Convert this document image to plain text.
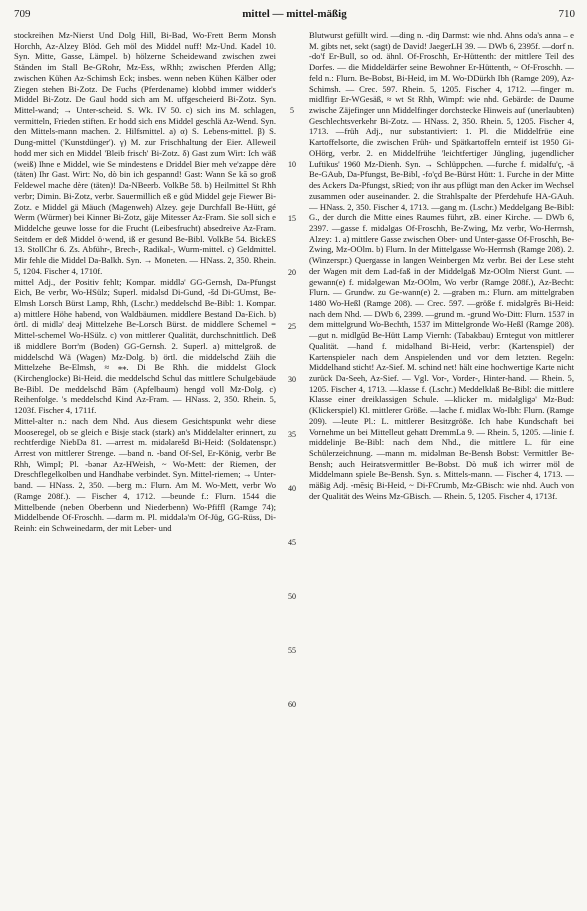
709	mittel — mittel-mäßig	710

stockreihen Mz-Nierst Und Dolg Hill, Bi-Bad, Wo-Frett Berm Monsh Horchh, Az-Alzey Blöd. Geh möl des Middel nuff! Mz-Und. Kadel 10. Syn. Mitte, Gasse, Lämpel. b) hölzerne Scheidewand zwischen zwei Ständen im Stall Be-GRohr, Mz-Ess, wRhh; zwischen Pferden Allg; zwischen Kühen Az-Schimsh Eck; insbes. wenn neben Kühen Kälber oder Ziegen stehen Bi-Zotz. De Fuchs (Pferdename) klobbd immer widder's Middel Bi-Zotz. De Gaul hodd sich am M. uffgescheierd Bi-Zotz. Syn. Mittel-wand; → Unter-scheid. S. Wk. IV 50. c) sich ins M. schlagen, vermitteln, Frieden stiften. Er hodd sich ens Middel geschlä Az-Wend. Syn. den Mittels-mann machen. 2. Hilfsmittel. a) α) S. Lebens-mittel. β) S. Dung-mittel ('Kunstdünger'). γ) M. zur Frischhaltung der Eier. Alleweil hodd mer sich en Middel 'Bleib frisch' Bi-Zotz. δ) Gast zum Wirt: Ich wäß (weiß) Ihne e Middel, wie Se mindestens e Driddel Bier meh ve'zappe dère (täten) Ihr Gast. Wirt: No, dò bin ich gespannd! Gast: Wann Se kā so groß Feldewel mache dère (täten)! Da-NBeerb. VolkBe 58. b) Heilmittel St Rhh verbr; Dimin. Bi-Zotz, verbr. Sauermillich eß e güd Middel geje Fiewer Bi-Zotz. e Middel gä Mäuch (Magenweh) Alzey. geje Durchfall Be-Hütt, gé Werm (Würmer) bei Kinner Bi-Zotz, gäje Mitesser Az-Fram. Sie soll sich e Middelche geuwe losse for die Frucht (Leibesfrucht) absedreive Az-Fram. Seitdem er deß Middel ö·wend, iß er gesund Be-Bibl. VolkBe 54. BickES 13. StollChr 6. Zs. Abführ-, Brech-, Radikal-, Wurm-mittel. c) Geldmittel. Mir fehle die Middel Da-Balkh. Syn. → Moneten. — HNass. 2, 350. Rhein. 5, 1204. Fischer 4, 1710f.

mittel Adj., der Positiv fehlt; Kompar. middlə' GG-Gernsh, Da-Pfungst Eich, Be verbr, Wo-HSülz; Superl. midəlsd Di-Gund, -šd Di-GUmst, Be-Elmsh Lorsch Bürst Lamp, Rhh, (Lschr.) meddelschd Be-Bibl: 1. Kompar. a) mittlere Höhe habend, von Waldbäumen. middlere Bestand Da-Eich. b) örtl. di midlə' deəj Mittelzehe Be-Lorsch Bürst. de middlere Schemel = Mittel-schemel Wo-HSülz. c) von mittlerer Qualität, durchschnittlich. Deß iß middlere Borr'm (Boden) GG-Gernsh. 2. Superl. a) mittelgroß. de middelschd Wä (Wagen) Mz-Dolg. b) örtl. die middelschd Zäih die Mittelzehe Be-Elmsh, ≈ ⁎⁎. Di Be Rhh. die middelst Glock (Kirchenglocke) Bi-Heid. die meddelschd Schul das mittlere Schulgebäude Be-Bibl. De meddelschd Bām (Apfelbaum) hengd voll Mz-Dolg. c) Reihenfolge. 's meddelschd Kind Az-Fram. — HNass. 2, 350. Rhein. 5, 1203f. Fischer 4, 1711f.

Mittel-alter n.: nach dem Nhd. Aus diesem Gesichtspunkt wehr diese Mooseregel, ob se gleich e Bisje stack (stark) an's Middelalter erinnert, zu rechtferdige NiebDa 81. —arrest m. midəlarešd Bi-Heid: (Soldatenspr.) Arrest von mittlerer Strenge. —band n. -band Of-Sel, Er-König, verbr Be Rhh, WimpI; Pl. -bənər Az-HWeish, ~ Wo-Mett: der Riemen, der Dreschflegelkolben und Handhabe verbindet. Syn. Mittel-riemen; → Unter-band. — HNass. 2, 350. —berg m.: Flurn. Am M. Wo-Mett, verbr Wo (Ramge 208f.). — Fischer 4, 1712. —beunde f.: Flurn. 1544 die Mittelbende (neben Oberbenn und Niederbenn) Wo-Pfiffl (Ramge 74); Middelbende Of-Froschh. —darm m. Pl. middələ'm Of-Jüg, GG-Rüss, Di-Reinh: ein Schweinedarm, der mit Leber- und

5
10
15
20
25
30
35
40
45
50
55
60

Blutwurst gefüllt wird. —ding n. -diŋ Darmst: wie nhd. Ahns oda's anna – e M. gibts net, sekt (sagt) de David! JaegerLH 39. — DWb 6, 2395f. —dorf n. -do'f Er-Bull, so od. ähnl. Of-Froschh, Er-Hüttenth: der mittlere Teil des Dorfes. — die Middeldärfer seine Bewohner Er-Hüttenth, ~ Of-Froschh. —feld n.: Flurn. Be-Bobst, Bi-Heid, im M. Wo-DDürkh Ibh (Ramge 209), Az-Schimsh. — Crec. 597. Rhein. 5, 1205. Fischer 4, 1712. —finger m. midlfiŋr Er-WGesäß, ≈ wt St Rhh, Wimpf: wie nhd. Gebärde: de Daume zwische Zäjefinger unn Middelfinger dorchstecke Hinweis auf (unerlaubten) Geschlechtsverkehr Bi-Zotz. — HNass. 2, 350. Rhein. 5, 1205. Fischer 4, 1713. —früh Adj., nur substantiviert: 1. Pl. die Middelfrüe eine Kartoffelsorte, die zwischen Früh- und Spätkartoffeln ernteif ist 1950 Gi-OHörg, verbr. 2. en Middelfrühe 'leichtfertiger Jüngling, jugendlicher Luftikus' 1960 Mz-Dienh. Syn. → Schlüppchen. —furche f. midəlfu'ç, -ä Be-GAub, Da-Pfungst, Be-Bibl, -fo'çd Be-Bürst Hütt: 1. Furche in der Mitte des Ackers Da-Pfungst, sRied; von ihr aus pflügt man den Acker im Wechsel zusammen oder auseinander. 2. die Strahlspalte der Pferdehufe HA-GAuh. — HNass. 2, 350. Fischer 4, 1713. —gang m. (Lschr.) Meddelgang Be-Bibl: G., der durch die Mitte eines Raumes führt, zB. einer Kirche. — DWb 6, 2397. —gasse f. midəlgas Of-Froschh, Be-Zwing, Mz verbr, Wo-Herrnsh, Alzey: 1. a) mittlere Gasse zwischen Ober- und Unter-gasse Of-Froschh, Be-Zwing, Mz-OOlm. b) Flurn. In der Mittelgasse Wo-Herrnsh (Ramge 208). 2. (Winzerspr.) Quergasse in langen Weinbergen Mz verbr. Bei der Lese steht der Wagen mit dem Lad-faß in der Middelgaß Mz-OOlm Nierst Gunt. —gewann(e) f. midəlgewan Mz-OOlm, Wo verbr (Ramge 208f.), Az-Becht: Flurn. — Grundw. zu Ge-wann(e) 2. —graben m.: Flurn. am mittelgraben 1480 Wo-Heßl (Ramge 208). — Crec. 597. —größe f. midəlgrēs Bi-Heid: nach dem Nhd. — DWb 6, 2399. —grund m. -grund Wo-Ditt: Flurn. 1537 in dem mittelgrund Wo-Bechth, 1537 im Mittelgronde Wo-Heßl (Ramge 208). —gut n. midlgūd Be-Hütt Lamp Viernh: (Tabakbau) Erntegut von mittlerer Qualität. —hand f. midəlhand Bi-Heid, verbr: (Kartenspiel) der Kartenspieler nach dem Anspielenden und vor dem letzten. Regeln: Middelhand sticht! Az-Sief. M. schind net! hält eine hochwertige Karte nicht zurück Da-Seeh, Az-Sief. — Vgl. Vor-, Vorder-, Hinter-hand. — Rhein. 5, 1205. Fischer 4, 1713. —klasse f. (Lschr.) Meddelklaß Be-Bibl: die mittlere Klasse einer dreiklassigen Schule. —klicker m. midəlgligə' Mz-Bud: (Klickerspiel) Kl. mittlerer Größe. —lache f. midlax Wo-Ibh: Flurn. (Ramge 209). —leute Pl.: L. mittlerer Besitzgröße. Ich habe Kundschaft bei Vornehme un bei Mittelleut gehatt DremmLa 9. — Rhein. 5, 1205. —linie f. middelinje Be-Bibl: nach dem Nhd., die mittlere L. für eine Schülerzeichnung. —mann m. midəlman Be-Bensh Bobst: Vermittler Be-Bensh; auch Heiratsvermittler Be-Bobst. Dò muß ich wirrer möl de Middelmann spiele Be-Bensh. Syn. s. Mittels-mann. — Fischer 4, 1713. —mäßig Adj. -mēsiç Bi-Heid, ~ Di-FCrumb, Mz-GBisch: wie nhd. Auch von der Qualität des Weins Mz-GBisch. — Rhein. 5, 1205. Fischer 4, 1713f.
